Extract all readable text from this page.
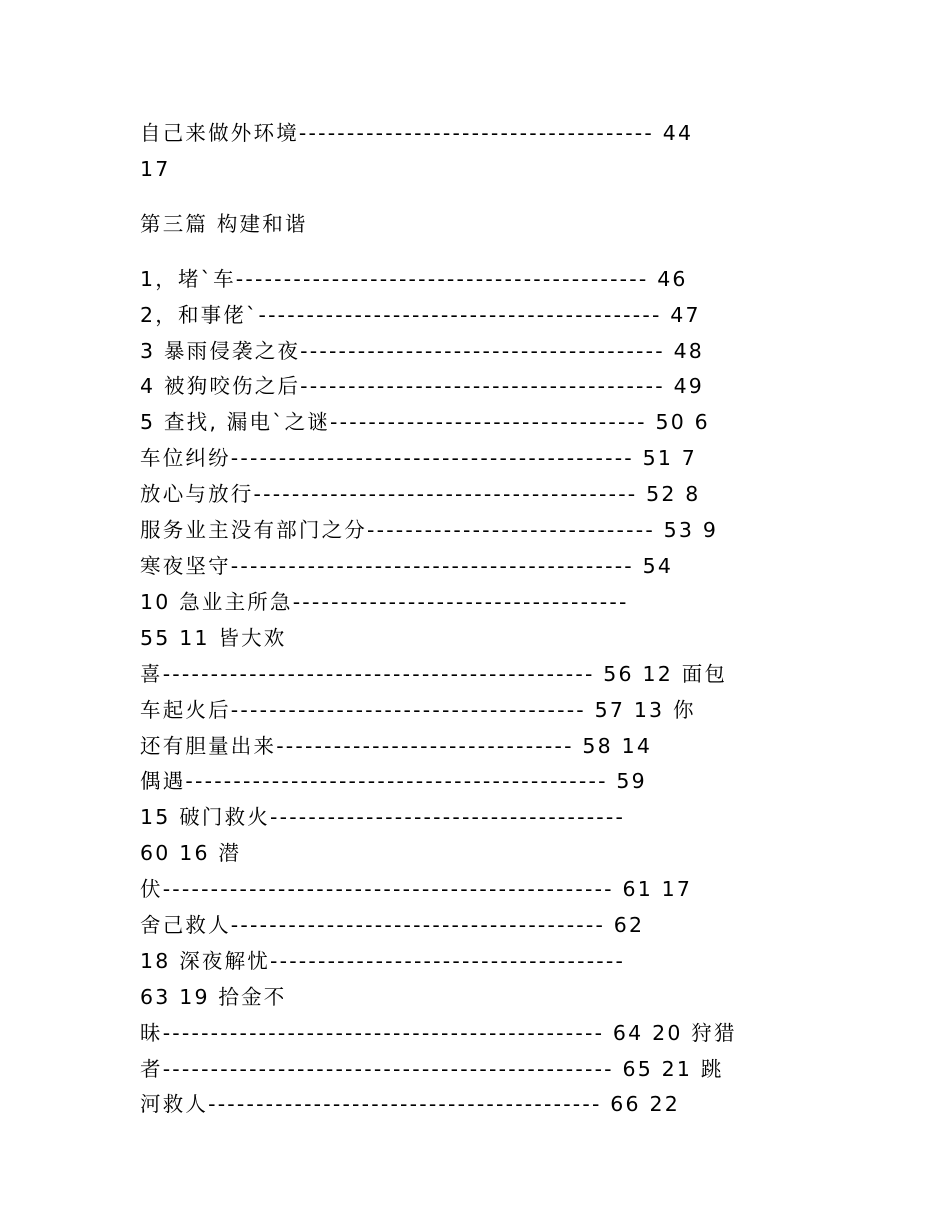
自己来做外环境------------------------------------- 44

17

第三篇 构建和谐

1，堵ˋ车------------------------------------------- 46

2，和事佬ˋ------------------------------------------ 47

3 暴雨侵袭之夜-------------------------------------- 48

4 被狗咬伤之后-------------------------------------- 49

5 查找, 漏电ˋ之谜--------------------------------- 50 6

车位纠纷------------------------------------------ 51 7

放心与放行---------------------------------------- 52 8

服务业主没有部门之分------------------------------ 53 9

寒夜坚守------------------------------------------ 54

10 急业主所急-----------------------------------

55 11 皆大欢

喜--------------------------------------------- 56 12 面包

车起火后------------------------------------- 57 13 你

还有胆量出来------------------------------- 58 14

偶遇-------------------------------------------- 59

15 破门救火-------------------------------------

60 16 潜

伏----------------------------------------------- 61 17

舍己救人--------------------------------------- 62

18 深夜解忧-------------------------------------

63 19 拾金不

昧---------------------------------------------- 64 20 狩猎

者----------------------------------------------- 65 21 跳

河救人----------------------------------------- 66 22
